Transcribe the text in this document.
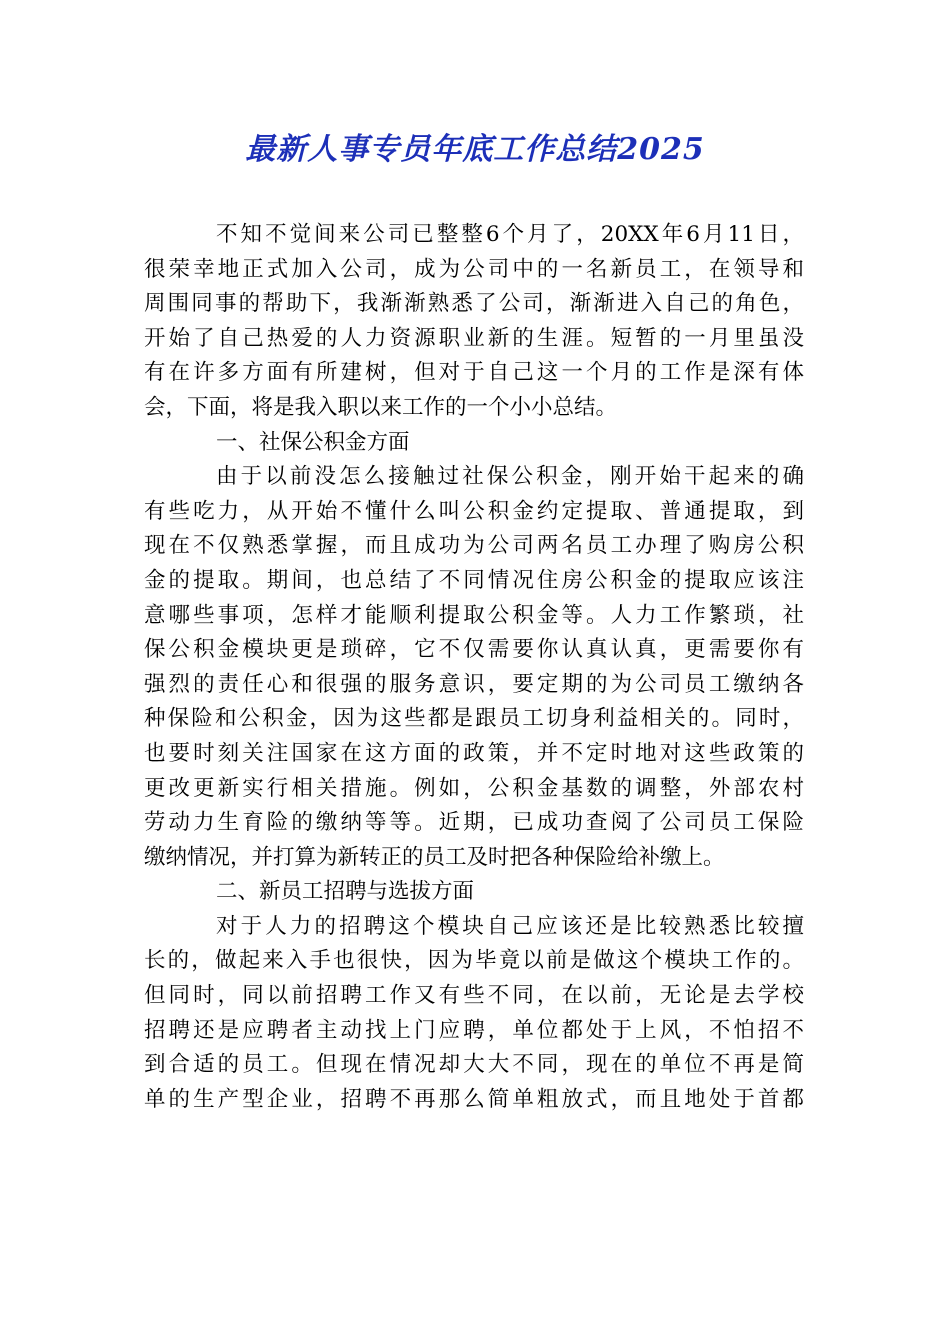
最新人事专员年底工作总结2025
不知不觉间来公司已整整6个月了，20XX年6月11日，
很荣幸地正式加入公司，成为公司中的一名新员工，在领导和
周围同事的帮助下，我渐渐熟悉了公司，渐渐进入自己的角色，
开始了自己热爱的人力资源职业新的生涯。短暂的一月里虽没
有在许多方面有所建树，但对于自己这一个月的工作是深有体
会，下面，将是我入职以来工作的一个小小总结。
一、社保公积金方面
由于以前没怎么接触过社保公积金，刚开始干起来的确
有些吃力，从开始不懂什么叫公积金约定提取、普通提取，到
现在不仅熟悉掌握，而且成功为公司两名员工办理了购房公积
金的提取。期间，也总结了不同情况住房公积金的提取应该注
意哪些事项，怎样才能顺利提取公积金等。人力工作繁琐，社
保公积金模块更是琐碎，它不仅需要你认真认真，更需要你有
强烈的责任心和很强的服务意识，要定期的为公司员工缴纳各
种保险和公积金，因为这些都是跟员工切身利益相关的。同时，
也要时刻关注国家在这方面的政策，并不定时地对这些政策的
更改更新实行相关措施。例如，公积金基数的调整，外部农村
劳动力生育险的缴纳等等。近期，已成功查阅了公司员工保险
缴纳情况，并打算为新转正的员工及时把各种保险给补缴上。
二、新员工招聘与选拔方面
对于人力的招聘这个模块自己应该还是比较熟悉比较擅
长的，做起来入手也很快，因为毕竟以前是做这个模块工作的。
但同时，同以前招聘工作又有些不同，在以前，无论是去学校
招聘还是应聘者主动找上门应聘，单位都处于上风，不怕招不
到合适的员工。但现在情况却大大不同，现在的单位不再是简
单的生产型企业，招聘不再那么简单粗放式，而且地处于首都
